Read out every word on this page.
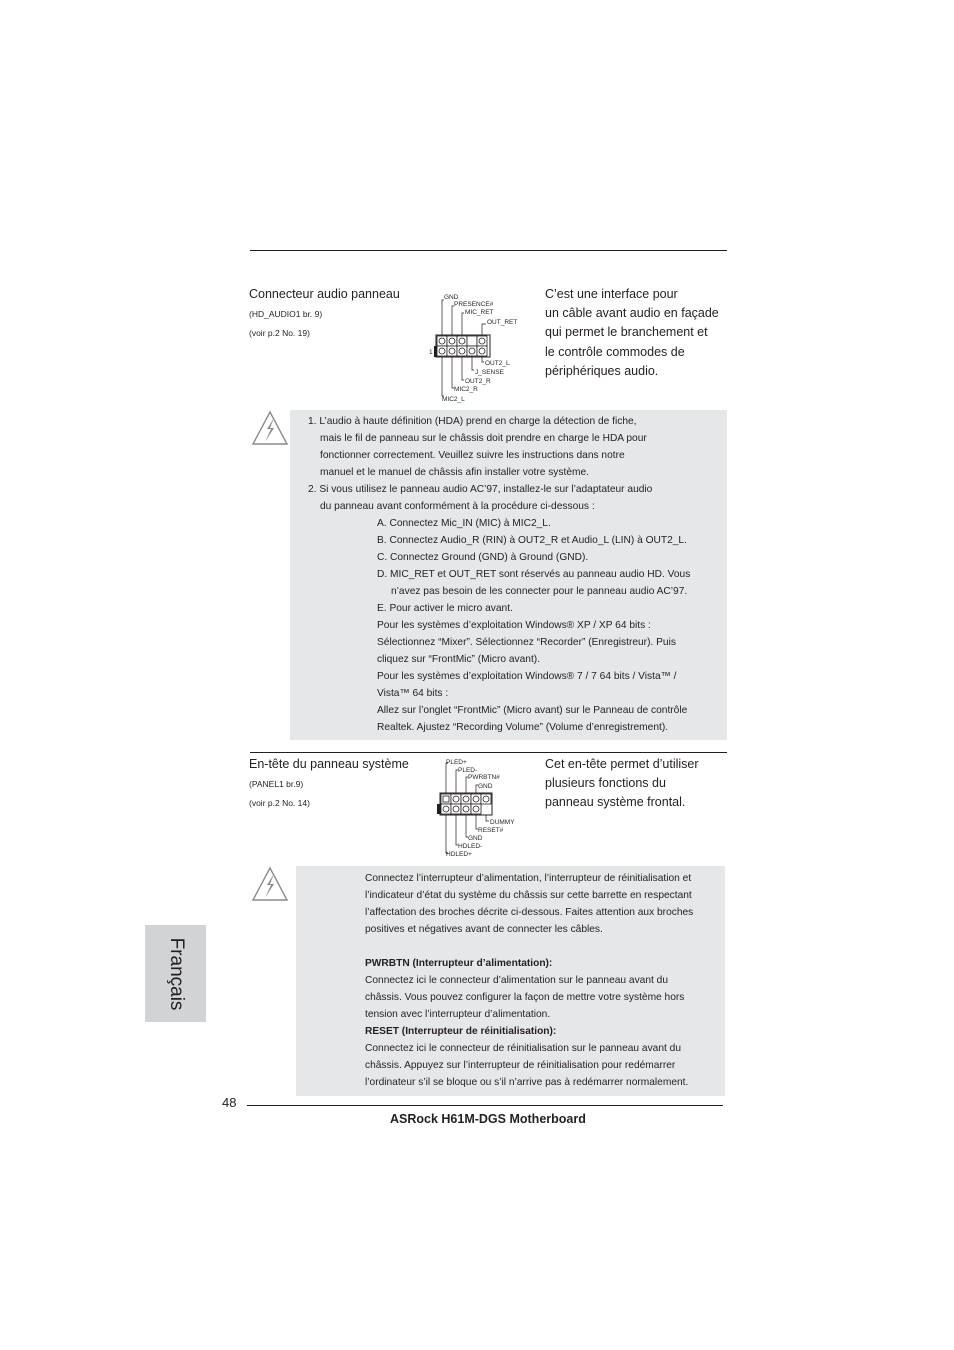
Connecteur audio panneau
(HD_AUDIO1 br. 9)
(voir p.2 No. 19)
GND
PRESENCE#
MIC_RET
OUT_RET
1
OUT2_L
J_SENSE
OUT2_R
MIC2_R
MIC2_L
C’est une interface pour
un câble avant audio en façade
qui permet le branchement et
le contrôle commodes de
périphériques audio.
1. L’audio à haute définition (HDA) prend en charge la détection de fiche,
mais le fil de panneau sur le châssis doit prendre en charge le HDA pour
fonctionner correctement. Veuillez suivre les instructions dans notre
manuel et le manuel de châssis afin installer votre système.
2. Si vous utilisez le panneau audio AC’97, installez-le sur l’adaptateur audio
du panneau avant conformément à la procédure ci-dessous :
A. Connectez Mic_IN (MIC) à MIC2_L.
B. Connectez Audio_R (RIN) à OUT2_R et Audio_L (LIN) à OUT2_L.
C. Connectez Ground (GND) à Ground (GND).
D. MIC_RET et OUT_RET sont réservés au panneau audio HD. Vous
n’avez pas besoin de les connecter pour le panneau audio AC’97.
E. Pour activer le micro avant.
Pour les systèmes d’exploitation Windows® XP / XP 64 bits :
Sélectionnez “Mixer”. Sélectionnez “Recorder” (Enregistreur). Puis
cliquez sur “FrontMic” (Micro avant).
Pour les systèmes d’exploitation Windows® 7 / 7 64 bits / Vista™ /
Vista™ 64 bits :
Allez sur l’onglet “FrontMic” (Micro avant) sur le Panneau de contrôle
Realtek. Ajustez “Recording Volume” (Volume d’enregistrement).
En-tête du panneau système
(PANEL1 br.9)
(voir p.2 No. 14)
PLED+
PLED-
PWRBTN#
GND
DUMMY
RESET#
GND
HDLED-
HDLED+
Cet en-tête permet d’utiliser
plusieurs fonctions du
panneau système frontal.
Connectez l’interrupteur d’alimentation, l’interrupteur de réinitialisation et
l’indicateur d’état du système du châssis sur cette barrette en respectant
l’affectation des broches décrite ci-dessous. Faites attention aux broches
positives et négatives avant de connecter les câbles.
PWRBTN (Interrupteur d’alimentation):
Connectez ici le connecteur d’alimentation sur le panneau avant du
châssis. Vous pouvez configurer la façon de mettre votre système hors
tension avec l’interrupteur d’alimentation.
RESET (Interrupteur de réinitialisation):
Connectez ici le connecteur de réinitialisation sur le panneau avant du
châssis. Appuyez sur l’interrupteur de réinitialisation pour redémarrer
l’ordinateur s’il se bloque ou s’il n’arrive pas à redémarrer normalement.
Français
48
ASRock H61M-DGS Motherboard
